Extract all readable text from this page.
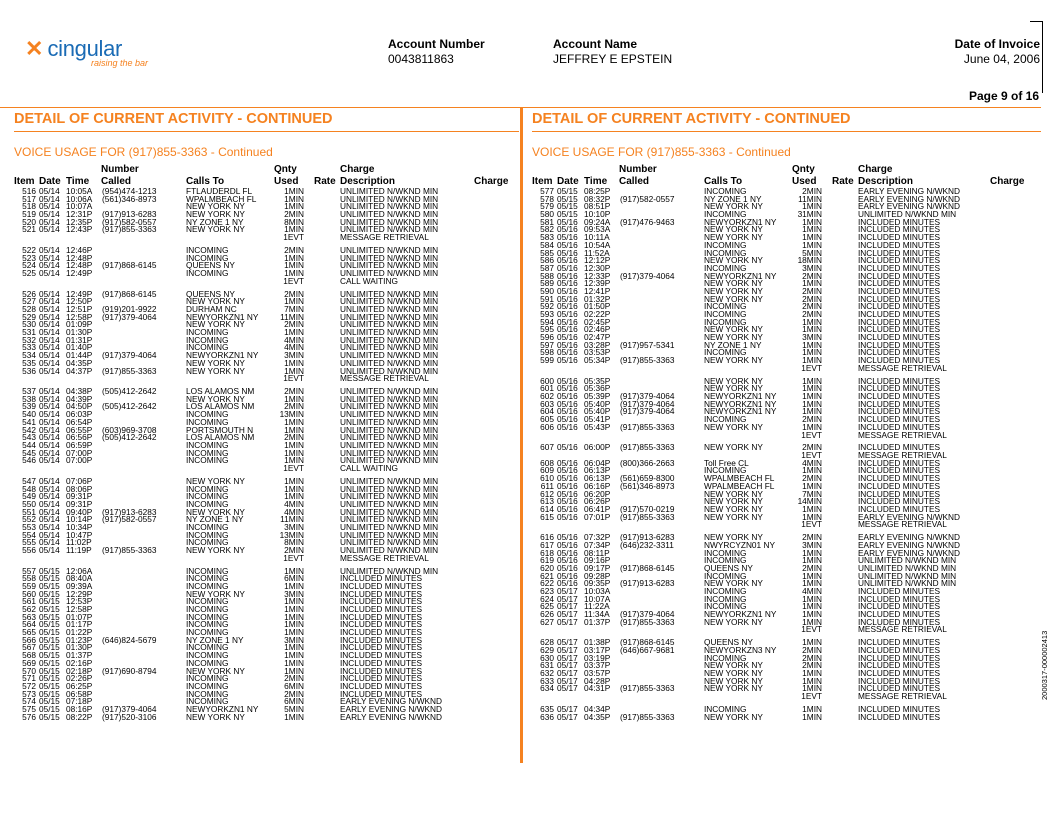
✕ cingular
raising the bar
Account Number
0043811863
Account Name
JEFFREY E EPSTEIN
Date of Invoice
June 04, 2006
Page 9 of 16
DETAIL OF CURRENT ACTIVITY - CONTINUED
VOICE USAGE FOR (917)855-3363 - Continued
Number	Qnty	Charge
Item Date Time Called	Calls To	Used Rate Description	Charge
516 05/14 10:05A (954)474-1213	FTLAUDERDL FL	1MIN	UNLIMITED N/WKND MIN
517 05/14 10:06A (561)346-8973	WPALMBEACH FL	1MIN	UNLIMITED N/WKND MIN
518 05/14 10:07A	NEW YORK NY	1MIN	UNLIMITED N/WKND MIN
519 05/14 12:31P (917)913-6283	NEW YORK NY	2MIN	UNLIMITED N/WKND MIN
520 05/14 12:35P (917)582-0557	NY ZONE 1 NY	8MIN	UNLIMITED N/WKND MIN
521 05/14 12:43P (917)855-3363	NEW YORK NY	1MIN	UNLIMITED N/WKND MIN
1EVT	MESSAGE RETRIEVAL
522 05/14 12:46P	INCOMING	2MIN	UNLIMITED N/WKND MIN
523 05/14 12:48P	INCOMING	1MIN	UNLIMITED N/WKND MIN
524 05/14 12:48P (917)868-6145	QUEENS NY	1MIN	UNLIMITED N/WKND MIN
525 05/14 12:49P	INCOMING	1MIN	UNLIMITED N/WKND MIN
1EVT	CALL WAITING
526 05/14 12:49P (917)868-6145	QUEENS NY	2MIN	UNLIMITED N/WKND MIN
527 05/14 12:50P	NEW YORK NY	1MIN	UNLIMITED N/WKND MIN
528 05/14 12:51P (919)201-9922	DURHAM NC	7MIN	UNLIMITED N/WKND MIN
529 05/14 12:58P (917)379-4064	NEWYORKZN1 NY	11MIN	UNLIMITED N/WKND MIN
530 05/14 01:09P	NEW YORK NY	2MIN	UNLIMITED N/WKND MIN
531 05/14 01:30P	INCOMING	1MIN	UNLIMITED N/WKND MIN
532 05/14 01:31P	INCOMING	4MIN	UNLIMITED N/WKND MIN
533 05/14 01:40P	INCOMING	4MIN	UNLIMITED N/WKND MIN
534 05/14 01:44P (917)379-4064	NEWYORKZN1 NY	3MIN	UNLIMITED N/WKND MIN
535 05/14 04:35P	NEW YORK NY	1MIN	UNLIMITED N/WKND MIN
536 05/14 04:37P (917)855-3363	NEW YORK NY	1MIN	UNLIMITED N/WKND MIN
1EVT	MESSAGE RETRIEVAL
537 05/14 04:38P (505)412-2642	LOS ALAMOS NM	2MIN	UNLIMITED N/WKND MIN
538 05/14 04:39P	NEW YORK NY	1MIN	UNLIMITED N/WKND MIN
539 05/14 04:50P (505)412-2642	LOS ALAMOS NM	2MIN	UNLIMITED N/WKND MIN
540 05/14 06:03P	INCOMING	13MIN	UNLIMITED N/WKND MIN
541 05/14 06:54P	INCOMING	1MIN	UNLIMITED N/WKND MIN
542 05/14 06:55P (603)969-3708	PORTSMOUTH N	1MIN	UNLIMITED N/WKND MIN
543 05/14 06:56P (505)412-2642	LOS ALAMOS NM	2MIN	UNLIMITED N/WKND MIN
544 05/14 06:59P	INCOMING	1MIN	UNLIMITED N/WKND MIN
545 05/14 07:00P	INCOMING	1MIN	UNLIMITED N/WKND MIN
546 05/14 07:00P	INCOMING	1MIN	UNLIMITED N/WKND MIN
1EVT	CALL WAITING
547 05/14 07:06P	NEW YORK NY	1MIN	UNLIMITED N/WKND MIN
548 05/14 08:06P	INCOMING	1MIN	UNLIMITED N/WKND MIN
549 05/14 09:31P	INCOMING	1MIN	UNLIMITED N/WKND MIN
550 05/14 09:31P	INCOMING	4MIN	UNLIMITED N/WKND MIN
551 05/14 09:40P (917)913-6283	NEW YORK NY	4MIN	UNLIMITED N/WKND MIN
552 05/14 10:14P (917)582-0557	NY ZONE 1 NY	11MIN	UNLIMITED N/WKND MIN
553 05/14 10:34P	INCOMING	3MIN	UNLIMITED N/WKND MIN
554 05/14 10:47P	INCOMING	13MIN	UNLIMITED N/WKND MIN
555 05/14 11:02P	INCOMING	8MIN	UNLIMITED N/WKND MIN
556 05/14 11:19P (917)855-3363	NEW YORK NY	2MIN	UNLIMITED N/WKND MIN
1EVT	MESSAGE RETRIEVAL
557 05/15 12:06A	INCOMING	1MIN	UNLIMITED N/WKND MIN
558 05/15 08:40A	INCOMING	6MIN	INCLUDED MINUTES
559 05/15 09:39A	INCOMING	1MIN	INCLUDED MINUTES
560 05/15 12:29P	NEW YORK NY	3MIN	INCLUDED MINUTES
561 05/15 12:53P	INCOMING	1MIN	INCLUDED MINUTES
562 05/15 12:58P	INCOMING	1MIN	INCLUDED MINUTES
563 05/15 01:07P	INCOMING	1MIN	INCLUDED MINUTES
564 05/15 01:17P	INCOMING	1MIN	INCLUDED MINUTES
565 05/15 01:22P	INCOMING	1MIN	INCLUDED MINUTES
566 05/15 01:23P (646)824-5679	NY ZONE 1 NY	3MIN	INCLUDED MINUTES
567 05/15 01:30P	INCOMING	1MIN	INCLUDED MINUTES
568 05/15 01:37P	INCOMING	1MIN	INCLUDED MINUTES
569 05/15 02:16P	INCOMING	1MIN	INCLUDED MINUTES
570 05/15 02:18P (917)690-8794	NEW YORK NY	1MIN	INCLUDED MINUTES
571 05/15 02:26P	INCOMING	2MIN	INCLUDED MINUTES
572 05/15 06:25P	INCOMING	6MIN	INCLUDED MINUTES
573 05/15 06:58P	INCOMING	2MIN	INCLUDED MINUTES
574 05/15 07:18P	INCOMING	6MIN	EARLY EVENING N/WKND
575 05/15 08:16P (917)379-4064	NEWYORKZN1 NY	5MIN	EARLY EVENING N/WKND
576 05/15 08:22P (917)520-3106	NEW YORK NY	1MIN	EARLY EVENING N/WKND
DETAIL OF CURRENT ACTIVITY - CONTINUED
VOICE USAGE FOR (917)855-3363 - Continued
Number	Qnty	Charge
Item Date Time Called	Calls To	Used Rate Description	Charge
577 05/15 08:25P	INCOMING	2MIN	EARLY EVENING N/WKND
578 05/15 08:32P (917)582-0557	NY ZONE 1 NY	11MIN	EARLY EVENING N/WKND
579 05/15 08:51P	NEW YORK NY	1MIN	EARLY EVENING N/WKND
580 05/15 10:10P	INCOMING	31MIN	UNLIMITED N/WKND MIN
581 05/16 09:24A (917)476-9463	NEWYORKZN1 NY	1MIN	INCLUDED MINUTES
582 05/16 09:53A	NEW YORK NY	1MIN	INCLUDED MINUTES
583 05/16 10:11A	NEW YORK NY	1MIN	INCLUDED MINUTES
584 05/16 10:54A	INCOMING	1MIN	INCLUDED MINUTES
585 05/16 11:52A	INCOMING	5MIN	INCLUDED MINUTES
586 05/16 12:12P	NEW YORK NY	18MIN	INCLUDED MINUTES
587 05/16 12:30P	INCOMING	3MIN	INCLUDED MINUTES
588 05/16 12:33P (917)379-4064	NEWYORKZN1 NY	2MIN	INCLUDED MINUTES
589 05/16 12:39P	NEW YORK NY	1MIN	INCLUDED MINUTES
590 05/16 12:41P	NEW YORK NY	2MIN	INCLUDED MINUTES
591 05/16 01:32P	NEW YORK NY	2MIN	INCLUDED MINUTES
592 05/16 01:50P	INCOMING	2MIN	INCLUDED MINUTES
593 05/16 02:22P	INCOMING	2MIN	INCLUDED MINUTES
594 05/16 02:45P	INCOMING	1MIN	INCLUDED MINUTES
595 05/16 02:46P	NEW YORK NY	1MIN	INCLUDED MINUTES
596 05/16 02:47P	NEW YORK NY	3MIN	INCLUDED MINUTES
597 05/16 03:28P (917)957-5341	NY ZONE 1 NY	1MIN	INCLUDED MINUTES
598 05/16 03:53P	INCOMING	1MIN	INCLUDED MINUTES
599 05/16 05:34P (917)855-3363	NEW YORK NY	1MIN	INCLUDED MINUTES
1EVT	MESSAGE RETRIEVAL
600 05/16 05:35P	NEW YORK NY	1MIN	INCLUDED MINUTES
601 05/16 05:36P	NEW YORK NY	1MIN	INCLUDED MINUTES
602 05/16 05:39P (917)379-4064	NEWYORKZN1 NY	1MIN	INCLUDED MINUTES
603 05/16 05:40P (917)379-4064	NEWYORKZN1 NY	1MIN	INCLUDED MINUTES
604 05/16 05:40P (917)379-4064	NEWYORKZN1 NY	1MIN	INCLUDED MINUTES
605 05/16 05:41P	INCOMING	2MIN	INCLUDED MINUTES
606 05/16 05:43P (917)855-3363	NEW YORK NY	1MIN	INCLUDED MINUTES
1EVT	MESSAGE RETRIEVAL
607 05/16 06:00P (917)855-3363	NEW YORK NY	2MIN	INCLUDED MINUTES
1EVT	MESSAGE RETRIEVAL
608 05/16 06:04P (800)366-2663	Toll Free CL	4MIN	INCLUDED MINUTES
609 05/16 06:13P	INCOMING	1MIN	INCLUDED MINUTES
610 05/16 06:13P (561)659-8300	WPALMBEACH FL	2MIN	INCLUDED MINUTES
611 05/16 06:16P (561)346-8973	WPALMBEACH FL	1MIN	INCLUDED MINUTES
612 05/16 06:20P	NEW YORK NY	7MIN	INCLUDED MINUTES
613 05/16 06:26P	NEW YORK NY	14MIN	INCLUDED MINUTES
614 05/16 06:41P (917)570-0219	NEW YORK NY	1MIN	INCLUDED MINUTES
615 05/16 07:01P (917)855-3363	NEW YORK NY	1MIN	EARLY EVENING N/WKND
1EVT	MESSAGE RETRIEVAL
616 05/16 07:32P (917)913-6283	NEW YORK NY	2MIN	EARLY EVENING N/WKND
617 05/16 07:34P (646)232-3311	NWYRCYZN01 NY	3MIN	EARLY EVENING N/WKND
618 05/16 08:11P	INCOMING	1MIN	EARLY EVENING N/WKND
619 05/16 09:16P	INCOMING	1MIN	UNLIMITED N/WKND MIN
620 05/16 09:17P (917)868-6145	QUEENS NY	2MIN	UNLIMITED N/WKND MIN
621 05/16 09:28P	INCOMING	1MIN	UNLIMITED N/WKND MIN
622 05/16 09:35P (917)913-6283	NEW YORK NY	1MIN	UNLIMITED N/WKND MIN
623 05/17 10:03A	INCOMING	4MIN	INCLUDED MINUTES
624 05/17 10:07A	INCOMING	1MIN	INCLUDED MINUTES
625 05/17 11:22A	INCOMING	1MIN	INCLUDED MINUTES
626 05/17 11:34A (917)379-4064	NEWYORKZN1 NY	1MIN	INCLUDED MINUTES
627 05/17 01:37P (917)855-3363	NEW YORK NY	1MIN	INCLUDED MINUTES
1EVT	MESSAGE RETRIEVAL
628 05/17 01:38P (917)868-6145	QUEENS NY	1MIN	INCLUDED MINUTES
629 05/17 03:17P (646)667-9681	NEWYORKZN3 NY	2MIN	INCLUDED MINUTES
630 05/17 03:19P	INCOMING	2MIN	INCLUDED MINUTES
631 05/17 03:37P	NEW YORK NY	2MIN	INCLUDED MINUTES
632 05/17 03:57P	NEW YORK NY	1MIN	INCLUDED MINUTES
633 05/17 04:28P	NEW YORK NY	1MIN	INCLUDED MINUTES
634 05/17 04:31P (917)855-3363	NEW YORK NY	1MIN	INCLUDED MINUTES
1EVT	MESSAGE RETRIEVAL
635 05/17 04:34P	INCOMING	1MIN	INCLUDED MINUTES
636 05/17 04:35P (917)855-3363	NEW YORK NY	1MIN	INCLUDED MINUTES
2000317-000002413
